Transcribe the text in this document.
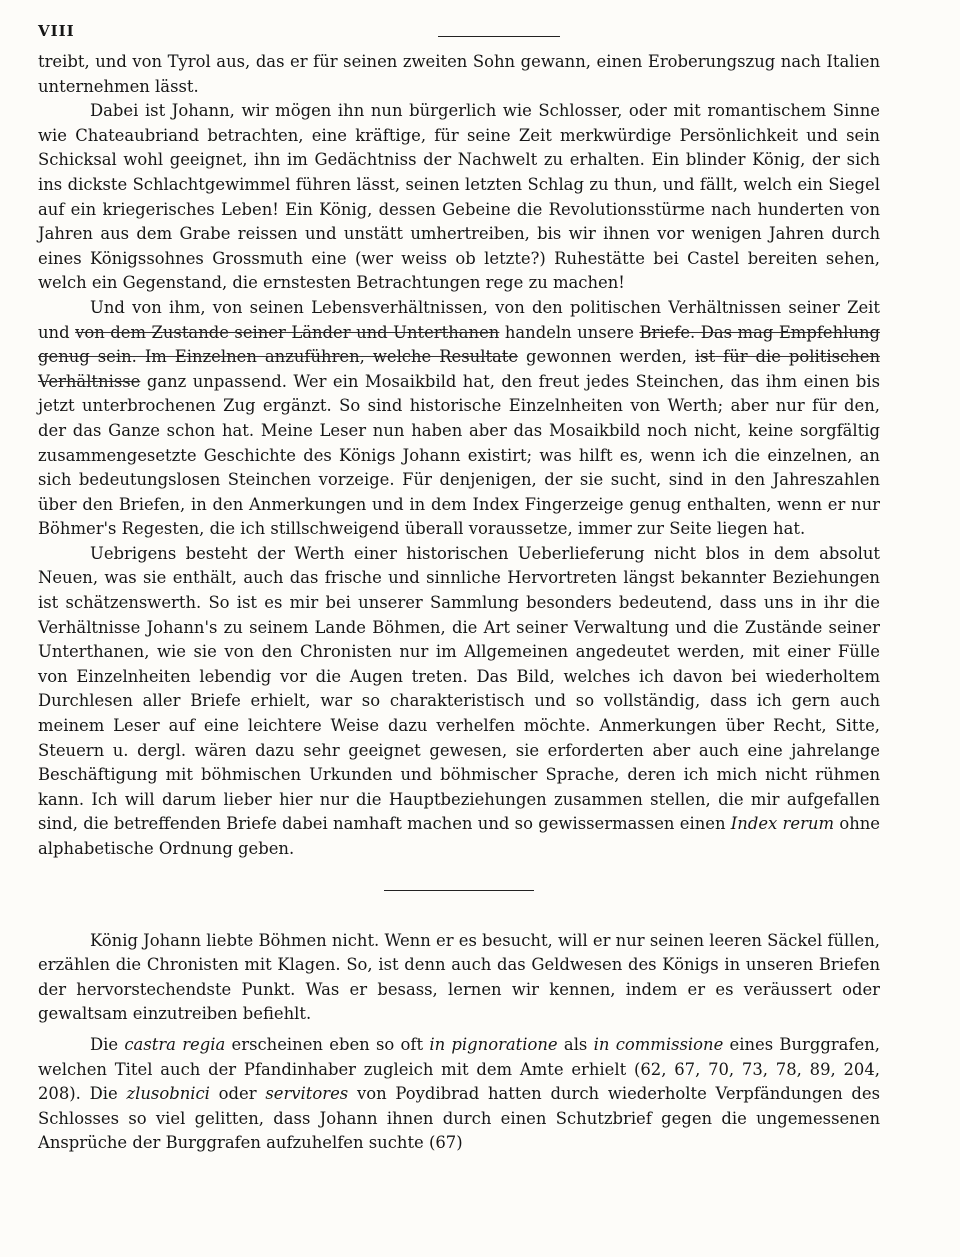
VIII

treibt, und von Tyrol aus, das er für seinen zweiten Sohn gewann, einen Eroberungszug nach Italien unternehmen lässt.

Dabei ist Johann, wir mögen ihn nun bürgerlich wie Schlosser, oder mit romantischem Sinne wie Chateaubriand betrachten, eine kräftige, für seine Zeit merkwürdige Persönlichkeit und sein Schicksal wohl geeignet, ihn im Gedächtniss der Nachwelt zu erhalten. Ein blinder König, der sich ins dickste Schlachtgewimmel führen lässt, seinen letzten Schlag zu thun, und fällt, welch ein Siegel auf ein kriegerisches Leben! Ein König, dessen Gebeine die Revolutionsstürme nach hunderten von Jahren aus dem Grabe reissen und unstätt umhertreiben, bis wir ihnen vor wenigen Jahren durch eines Königssohnes Grossmuth eine (wer weiss ob letzte?) Ruhestätte bei Castel bereiten sehen, welch ein Gegenstand, die ernstesten Betrachtungen rege zu machen!

Und von ihm, von seinen Lebensverhältnissen, von den politischen Verhältnissen seiner Zeit und von dem Zustande seiner Länder und Unterthanen handeln unsere Briefe. Das mag Empfehlung genug sein. Im Einzelnen anzuführen, welche Resultate gewonnen werden, ist für die politischen Verhältnisse ganz unpassend. Wer ein Mosaikbild hat, den freut jedes Steinchen, das ihm einen bis jetzt unterbrochenen Zug ergänzt. So sind historische Einzelnheiten von Werth; aber nur für den, der das Ganze schon hat. Meine Leser nun haben aber das Mosaikbild noch nicht, keine sorgfältig zusammengesetzte Geschichte des Königs Johann existirt; was hilft es, wenn ich die einzelnen, an sich bedeutungslosen Steinchen vorzeige. Für denjenigen, der sie sucht, sind in den Jahreszahlen über den Briefen, in den Anmerkungen und in dem Index Fingerzeige genug enthalten, wenn er nur Böhmer's Regesten, die ich stillschweigend überall voraussetze, immer zur Seite liegen hat.

Uebrigens besteht der Werth einer historischen Ueberlieferung nicht blos in dem absolut Neuen, was sie enthält, auch das frische und sinnliche Hervortreten längst bekannter Beziehungen ist schätzenswerth. So ist es mir bei unserer Sammlung besonders bedeutend, dass uns in ihr die Verhältnisse Johann's zu seinem Lande Böhmen, die Art seiner Verwaltung und die Zustände seiner Unterthanen, wie sie von den Chronisten nur im Allgemeinen angedeutet werden, mit einer Fülle von Einzelnheiten lebendig vor die Augen treten. Das Bild, welches ich davon bei wiederholtem Durchlesen aller Briefe erhielt, war so charakteristisch und so vollständig, dass ich gern auch meinem Leser auf eine leichtere Weise dazu verhelfen möchte. Anmerkungen über Recht, Sitte, Steuern u. dergl. wären dazu sehr geeignet gewesen, sie erforderten aber auch eine jahrelange Beschäftigung mit böhmischen Urkunden und böhmischer Sprache, deren ich mich nicht rühmen kann. Ich will darum lieber hier nur die Hauptbeziehungen zusammen stellen, die mir aufgefallen sind, die betreffenden Briefe dabei namhaft machen und so gewissermassen einen Index rerum ohne alphabetische Ordnung geben.

König Johann liebte Böhmen nicht. Wenn er es besucht, will er nur seinen leeren Säckel füllen, erzählen die Chronisten mit Klagen. So, ist denn auch das Geldwesen des Königs in unseren Briefen der hervorstechendste Punkt. Was er besass, lernen wir kennen, indem er es veräussert oder gewaltsam einzutreiben befiehlt.

Die castra regia erscheinen eben so oft in pignoratione als in commissione eines Burggrafen, welchen Titel auch der Pfandinhaber zugleich mit dem Amte erhielt (62, 67, 70, 73, 78, 89, 204, 208). Die zlusobnici oder servitores von Poydibrad hatten durch wiederholte Verpfändungen des Schlosses so viel gelitten, dass Johann ihnen durch einen Schutzbrief gegen die ungemessenen Ansprüche der Burggrafen aufzuhelfen suchte (67)
